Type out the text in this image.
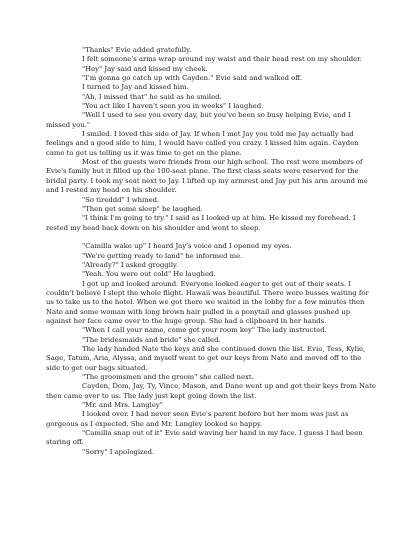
"Thanks" Evie added gratefully.

I felt someone's arms wrap around my waist and their head rest on my shoulder.

"Hey" Jay said and kissed my cheek.

"I'm gonna go catch up with Cayden." Evie said and walked off.

I turned to Jay and kissed him.

"Ah, I missed that" he said as he smiled.

"You act like I haven't seen you in weeks" I laughed.

"Well I used to see you every day, but you've been so busy helping Evie, and I missed you."

I smiled. I loved this side of Jay. If when I met Jay you told me Jay actually had feelings and a good side to him, I would have called you crazy. I kissed him again. Cayden came to get us telling us it was time to get on the plane.

Most of the guests were friends from our high school. The rest were members of Evie's family but it filled up the 100-seat plane. The first class seats were reserved for the bridal party. I took my seat next to Jay. I lifted up my armrest and Jay put his arm around me and I rested my head on his shoulder.

"So tireddd" I whined.

"Then get some sleep" he laughed.

"I think I'm going to try." I said as I looked up at him. He kissed my forehead. I rested my head back down on his shoulder and went to sleep.

"Camilla wake up" I heard Jay's voice and I opened my eyes.

"We're getting ready to land" he informed me.

"Already?" I asked groggily.

"Yeah. You were out cold" He laughed.

I got up and looked around. Everyone looked eager to get out of their seats. I couldn't believe I slept the whole flight. Hawaii was beautiful. There were busses waiting for us to take us to the hotel. When we got there we waited in the lobby for a few minutes then Nate and some woman with long brown hair pulled in a ponytail and glasses pushed up against her face came over to the huge group. She had a clipboard in her hands.

"When I call your name, come get your room key" The lady instructed.

"The bridesmaids and bride" she called.

The lady handed Nate the keys and she continued down the list. Evie, Tess, Kylie, Sage, Tatum, Aria, Alyssa, and myself went to get our keys from Nate and moved off to the side to get our bags situated.

"The groomsmen and the groom" she called next.

Cayden, Dom, Jay, Ty, Vince, Mason, and Dane went up and got their keys from Nate then came over to us. The lady just kept going down the list.

"Mr. and Mrs. Langley"

I looked over. I had never seen Evie's parent before but her mom was just as gorgeous as I expected. She and Mr. Langley looked so happy.

"Camilla snap out of it" Evie said waving her hand in my face. I guess I had been staring off.

"Sorry" I apologized.
